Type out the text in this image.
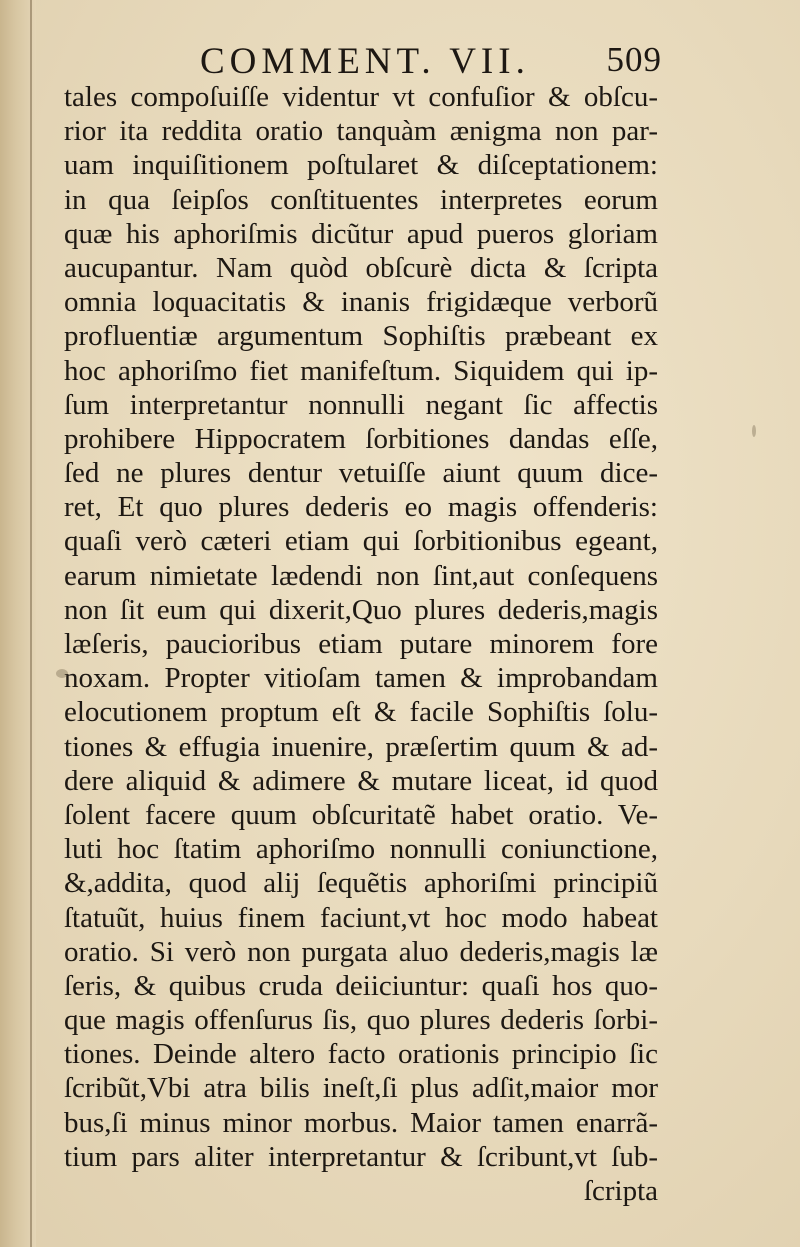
COMMENT. VII. 509
tales compoſuiſſe videntur vt confuſior & obſcu-
rior ita reddita oratio tanquàm ænigma non par-
uam inquiſitionem poſtularet & diſceptationem:
in qua ſeipſos conſtituentes interpretes eorum
quæ his aphoriſmis dicũtur apud pueros gloriam
aucupantur. Nam quòd obſcurè dicta & ſcripta
omnia loquacitatis & inanis frigidæque verborũ
profluentiæ argumentum Sophiſtis præbeant ex
hoc aphoriſmo fiet manifeſtum. Siquidem qui ip-
ſum interpretantur nonnulli negant ſic affectis
prohibere Hippocratem ſorbitiones dandas eſſe,
ſed ne plures dentur vetuiſſe aiunt quum dice-
ret, Et quo plures dederis eo magis offenderis:
quaſi verò cæteri etiam qui ſorbitionibus egeant,
earum nimietate lædendi non ſint,aut conſequens
non ſit eum qui dixerit,Quo plures dederis,magis
læſeris, paucioribus etiam putare minorem fore
noxam. Propter vitioſam tamen & improbandam
elocutionem proptum eſt & facile Sophiſtis ſolu-
tiones & effugia inuenire, præſertim quum & ad-
dere aliquid & adimere & mutare liceat, id quod
ſolent facere quum obſcuritatẽ habet oratio. Ve-
luti hoc ſtatim aphoriſmo nonnulli coniunctione,
&,addita, quod alij ſequẽtis aphoriſmi principiũ
ſtatuũt, huius finem faciunt,vt hoc modo habeat
oratio. Si verò non purgata aluo dederis,magis læ
ſeris, & quibus cruda deiiciuntur: quaſi hos quo-
que magis offenſurus ſis, quo plures dederis ſorbi-
tiones. Deinde altero facto orationis principio ſic
ſcribũt,Vbi atra bilis ineſt,ſi plus adſit,maior mor
bus,ſi minus minor morbus. Maior tamen enarrã-
tium pars aliter interpretantur & ſcribunt,vt ſub-
ſcripta
